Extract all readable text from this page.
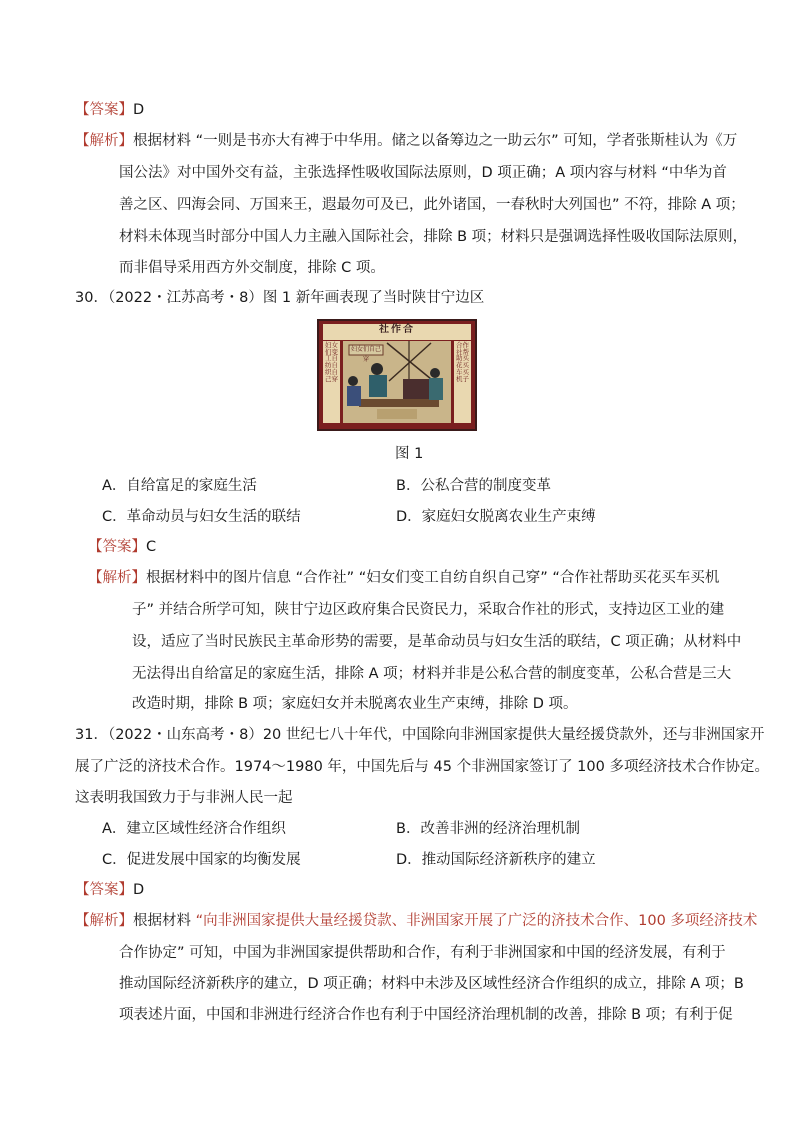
【答案】D
【解析】根据材料 “一则是书亦大有裨于中华用。储之以备筹边之一助云尔” 可知，学者张斯桂认为《万
国公法》对中国外交有益，主张选择性吸收国际法原则，D 项正确；A 项内容与材料 “中华为首
善之区、四海会同、万国来王，遐最勿可及已，此外诸国，一春秋时大列国也” 不符，排除 A 项；
材料未体现当时部分中国人力主融入国际社会，排除 B 项；材料只是强调选择性吸收国际法原则，
而非倡导采用西方外交制度，排除 C 项。
30．（2022・江苏高考・8）图 1 新年画表现了当时陕甘宁边区
社作合
妇女们自己穿
妇女们变工自纺自织自己穿
合作社帮助买花买车买机子
图 1
A．自给富足的家庭生活	B．公私合营的制度变革
C．革命动员与妇女生活的联结	D．家庭妇女脱离农业生产束缚
【答案】C
【解析】根据材料中的图片信息 “合作社” “妇女们变工自纺自织自己穿” “合作社帮助买花买车买机
子” 并结合所学可知，陕甘宁边区政府集合民资民力，采取合作社的形式，支持边区工业的建
设，适应了当时民族民主革命形势的需要，是革命动员与妇女生活的联结，C 项正确；从材料中
无法得出自给富足的家庭生活，排除 A 项；材料并非是公私合营的制度变革，公私合营是三大
改造时期，排除 B 项；家庭妇女并未脱离农业生产束缚，排除 D 项。
31．（2022・山东高考・8）20 世纪七八十年代，中国除向非洲国家提供大量经援贷款外，还与非洲国家开
展了广泛的济技术合作。1974～1980 年，中国先后与 45 个非洲国家签订了 100 多项经济技术合作协定。
这表明我国致力于与非洲人民一起
A．建立区域性经济合作组织	B．改善非洲的经济治理机制
C．促进发展中国家的均衡发展	D．推动国际经济新秩序的建立
【答案】D
【解析】根据材料 “向非洲国家提供大量经援贷款、非洲国家开展了广泛的济技术合作、100 多项经济技术
合作协定” 可知，中国为非洲国家提供帮助和合作，有利于非洲国家和中国的经济发展，有利于
推动国际经济新秩序的建立，D 项正确；材料中未涉及区域性经济合作组织的成立，排除 A 项；B
项表述片面，中国和非洲进行经济合作也有利于中国经济治理机制的改善，排除 B 项；有利于促
